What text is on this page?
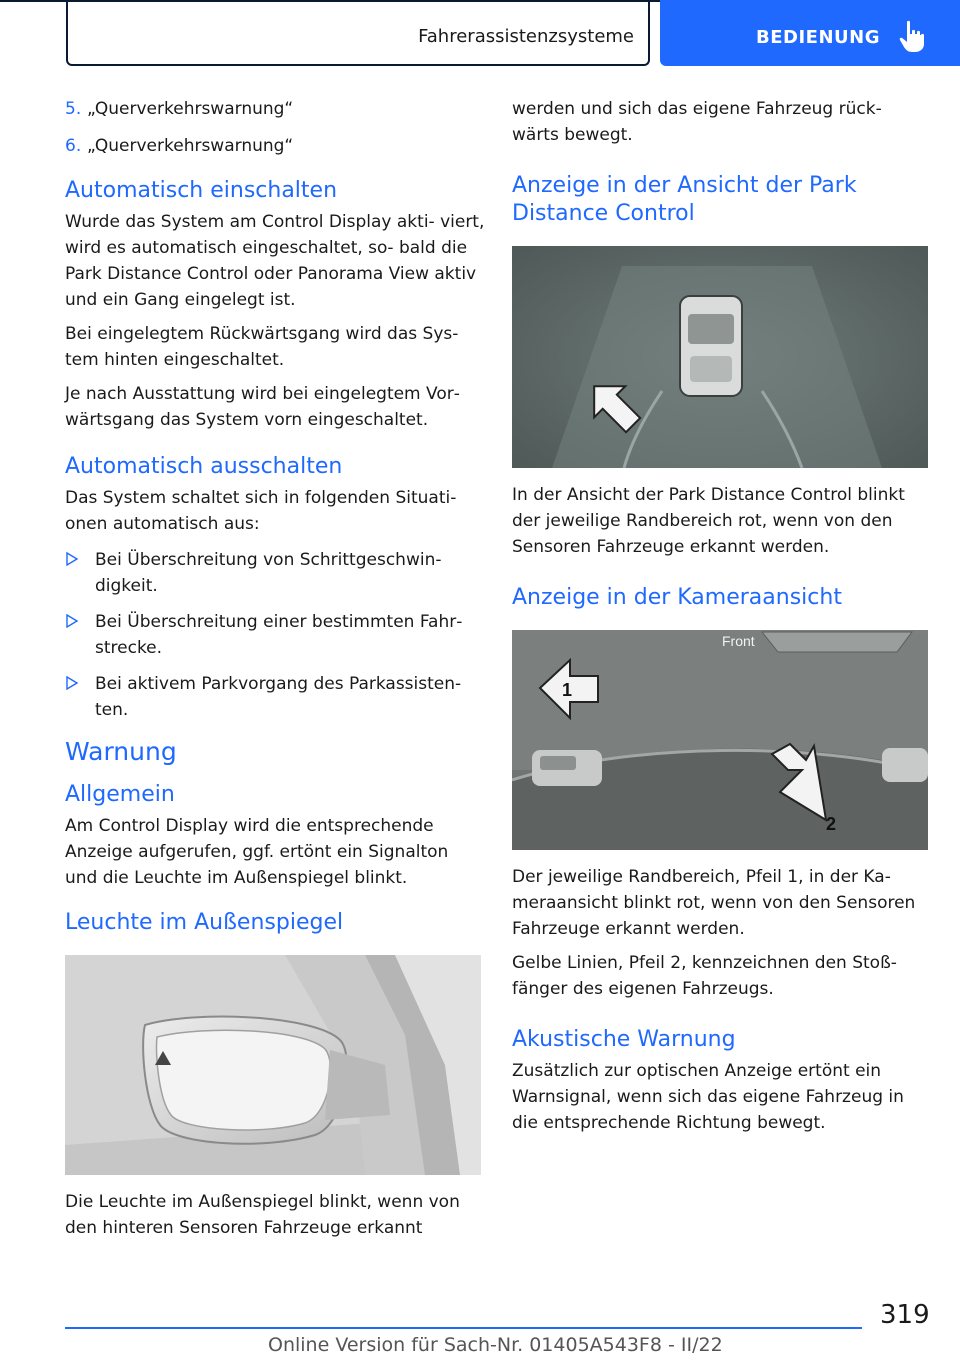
Fahrerassistenzsysteme	BEDIENUNG
5. „Querverkehrswarnung“
6. „Querverkehrswarnung“
Automatisch einschalten

Wurde das System am Control Display akti‐ viert, wird es automatisch eingeschaltet, so‐ bald die Park Distance Control oder Panorama View aktiv und ein Gang eingelegt ist.

Bei eingelegtem Rückwärtsgang wird das Sys‐ tem hinten eingeschaltet.

Je nach Ausstattung wird bei eingelegtem Vor‐ wärtsgang das System vorn eingeschaltet.

Automatisch ausschalten

Das System schaltet sich in folgenden Situati‐ onen automatisch aus:

Bei Überschreitung von Schrittgeschwin‐ digkeit.
Bei Überschreitung einer bestimmten Fahr‐ strecke.
Bei aktivem Parkvorgang des Parkassisten‐ ten.
Warnung
Allgemein

Am Control Display wird die entsprechende Anzeige aufgerufen, ggf. ertönt ein Signalton und die Leuchte im Außenspiegel blinkt.

Leuchte im Außenspiegel

Die Leuchte im Außenspiegel blinkt, wenn von den hinteren Sensoren Fahrzeuge erkannt

werden und sich das eigene Fahrzeug rück‐ wärts bewegt.

Anzeige in der Ansicht der Park Distance Control

In der Ansicht der Park Distance Control blinkt der jeweilige Randbereich rot, wenn von den Sensoren Fahrzeuge erkannt werden.

Anzeige in der Kameraansicht
Front
1
2

Der jeweilige Randbereich, Pfeil 1, in der Ka‐ meraansicht blinkt rot, wenn von den Sensoren Fahrzeuge erkannt werden.

Gelbe Linien, Pfeil 2, kennzeichnen den Stoß‐ fänger des eigenen Fahrzeugs.

Akustische Warnung

Zusätzlich zur optischen Anzeige ertönt ein Warnsignal, wenn sich das eigene Fahrzeug in die entsprechende Richtung bewegt.

319
Online Version für Sach-Nr. 01405A543F8 - II/22
